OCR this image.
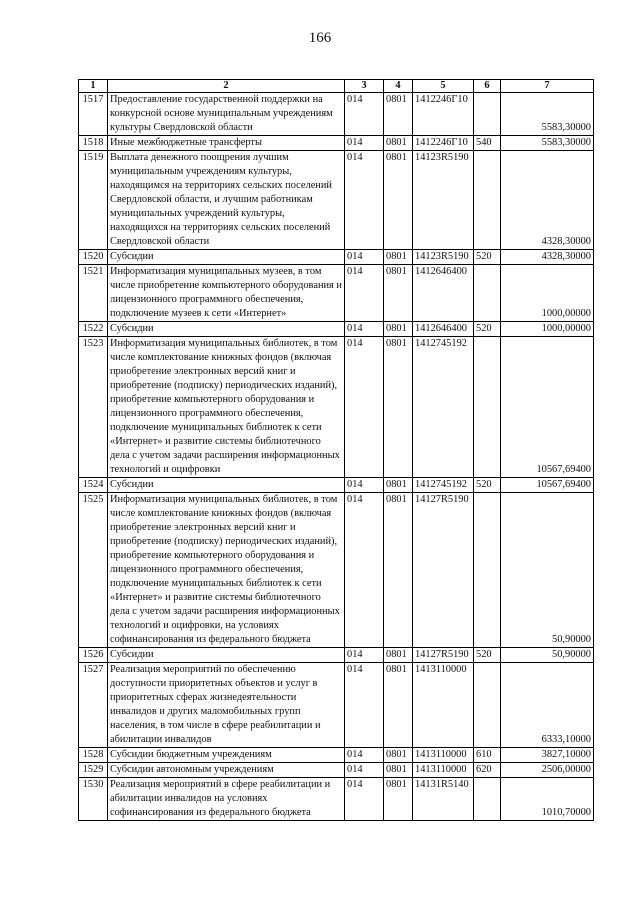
166
1	2	3	4	5	6	7
1517	Предоставление государственной поддержки на конкурсной основе муниципальным учреждениям культуры Свердловской области	014	0801	1412246Г10		5583,30000
1518	Иные межбюджетные трансферты	014	0801	1412246Г10	540	5583,30000
1519	Выплата денежного поощрения лучшим муниципальным учреждениям культуры, находящимся на территориях сельских поселений Свердловской области, и лучшим работникам муниципальных учреждений культуры, находящихся на территориях сельских поселений Свердловской области	014	0801	14123R5190		4328,30000
1520	Субсидии	014	0801	14123R5190	520	4328,30000
1521	Информатизация муниципальных музеев, в том числе приобретение компьютерного оборудования и лицензионного программного обеспечения, подключение музеев к сети «Интернет»	014	0801	1412646400		1000,00000
1522	Субсидии	014	0801	1412646400	520	1000,00000
1523	Информатизация муниципальных библиотек, в том числе комплектование книжных фондов (включая приобретение электронных версий книг и приобретение (подписку) периодических изданий), приобретение компьютерного оборудования и лицензионного программного обеспечения, подключение муниципальных библиотек к сети «Интернет» и развитие системы библиотечного дела с учетом задачи расширения информационных технологий и оцифровки	014	0801	1412745192		10567,69400
1524	Субсидии	014	0801	1412745192	520	10567,69400
1525	Информатизация муниципальных библиотек, в том числе комплектование книжных фондов (включая приобретение электронных версий книг и приобретение (подписку) периодических изданий), приобретение компьютерного оборудования и лицензионного программного обеспечения, подключение муниципальных библиотек к сети «Интернет» и развитие системы библиотечного дела с учетом задачи расширения информационных технологий и оцифровки, на условиях софинансирования из федерального бюджета	014	0801	14127R5190		50,90000
1526	Субсидии	014	0801	14127R5190	520	50,90000
1527	Реализация мероприятий по обеспечению доступности приоритетных объектов и услуг в приоритетных сферах жизнедеятельности инвалидов и других маломобильных групп населения, в том числе в сфере реабилитации и абилитации инвалидов	014	0801	1413110000		6333,10000
1528	Субсидии бюджетным учреждениям	014	0801	1413110000	610	3827,10000
1529	Субсидии автономным учреждениям	014	0801	1413110000	620	2506,00000
1530	Реализация мероприятий в сфере реабилитации и абилитации инвалидов на условиях софинансирования из федерального бюджета	014	0801	14131R5140		1010,70000
